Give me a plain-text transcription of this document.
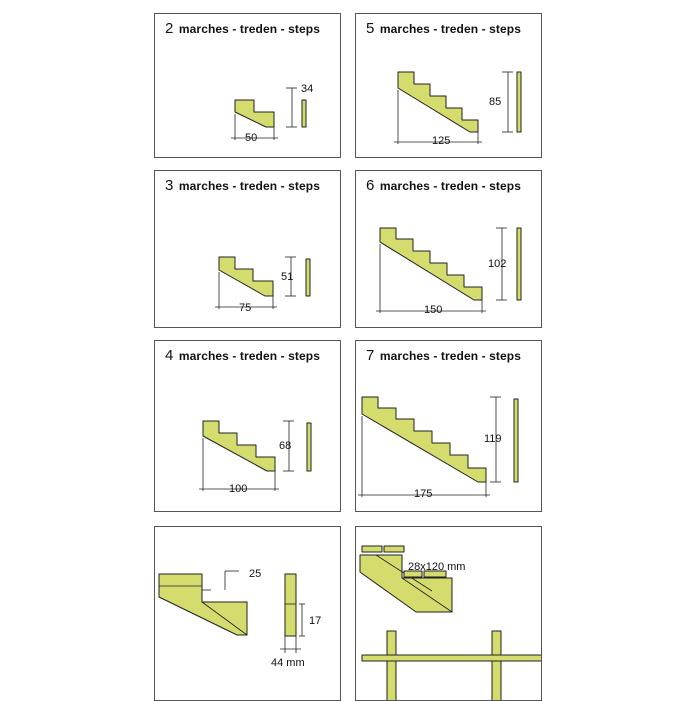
2 marches - treden - steps
34
50
5 marches - treden - steps
85
125
3 marches - treden - steps
51
75
6 marches - treden - steps
102
150
4 marches - treden - steps
68
100
7 marches - treden - steps
119
175
25
17
44 mm
28x120 mm
